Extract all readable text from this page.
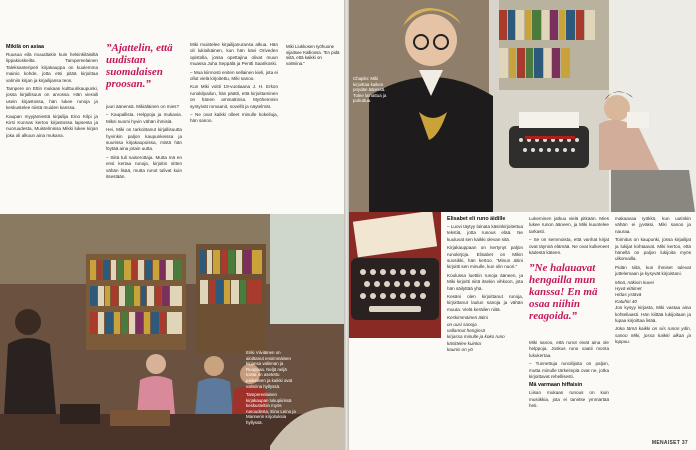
Mikilä on asiaa

Ruusua eilä muualtakin kuin helsinkiläisiltä lippakioskeilta. Tampereelainen Taleksanteriperi kirjakauppa on kuulemma mainio kohde, jotta etsi pitää kirjoittaa valmiin kirjan ja kirjailijansa teos.

Tampere on Ettin mukaan kulttuurikaupunki, jossa kirjallisuus on arvossa. Hän vieraili usein kirjastossa, hän lukee runoja ja keskustelee niistä muiden kanssa.

Kaupan myyjämiestä kirjailija Eino Kilpi ja Kirsi Kunnas kertoo kirjastossa lapsesta ja nuoruudesta, Muistelmissa Mikki lukee kirjan joka oli alkuun aina mukana.

”Ajattelin, että uudistan suomalaisen proosan.”

juuri äänensä. Mikiäläinen on mies?

– Kaupallista. Helppoja ja mukavia. Miksi suomi hyvin vähän ihmisiä.

Hei, Miki on tarkoittanut kirjallisuutta hyvinkin paljon kaupunkeissa ja suurissa kirjakaupoissa, mistä hän löytää aina jotain uutta.

– Siitä tuli naiserottaja. Mutta mä en ensi kertaa runoja, kirjoitin sitten vähän lisää, mutta runot tulivat kuin itsestään.

Miki muistelee kirjailijanuransa alkua. Hän oli lukioikäinen, kun hän kävi Oriveden opistolla, jossa opettajina olivat muun muassa Juha Seppälä ja Pentti Saarikoski.

– Mua kiinnosti eniten sellainen kieli, jota ei ollut vielä kirjoitettu, Miki sanoo.

Kun Miki voitti 19-vuotiaana J. H. Erkon runokilpailun, hän päätti, että kirjoittaminen on hänen ammattinsa. Myöhemmin syntyivät romaanit, novellit ja näytelmät.

– Ne ovat kaikki olleet minulle kokeiluja, hän sanoo.

Miki Liukkosen työhuone sijaitsee Kalliossa. ”En pidä siitä, että kaikki on valmiina.”
Eriki Viiviäinen on aloittanut ensimmäisen kirjansa valinnan ja Ruoppaa. Neljä neljä toista on asetettu paikalleen ja kaikki ovat valmiina hyllyssä.
Tampereelaisen kirjakaupan lukupiirissä keskusteltiin myös runoudesta, Eino Leino ja Mannerin kirjoituksia hyllyssä.
Chaplin: Miki kirjoittaa kaiken pöydän ääressä. Tulee lainattua ja puhuttua.
Elisabet eli runo äidille

– Luovi täytyy lainata käsinkirjoitettua tekstiä, jotta runous elää. Ne kuuluvat sen kaikki olevan sitä.

Kirjakauppaan on kertynyt paljon runokirjoja. Elisabet on Mikin suosikki, hän kertoo. ”Minun äitini kirjoitti sen minulle, kun olin nuori.”

Koulussa luettiin runoja ääneen, ja Miki kirjoitti niitä itsekin vihkoon, jota hän säilyttää yhä.

Kesäni olen kirjoittanut runoja, kirjoittanut laulun sanoja ja vähän muuta. Vielä keräilen niitä.

Keskimmäinen äitini
on uusi sanoja
vallannut hengissä
kirjassa minulle ja koko runo
käsittelee kuinka
kaunis on yö

Lukeminen jatkuu vielä pitkään. Mies lukee runon ääneen, ja Miki kuuntelee tarkasti.

– Se on semmoista, että vanhat kirjat ovat täynnä elämää. Ne ovat kulkeneet kädestä käteen.

”Ne halauavat hengailla mun kanssa! En mä osaa niihin reagoida.”

Miki sanoo, että runot eivät aina ole helppoja. Joskus runo vaatii monta lukukertaa.

– Tunnettuja runoilijoita on paljon, mutta minulle tärkeimpiä ovat ne, jotka kirjoittavat rehellisesti.

Mä varmaan hiffaisin

Liisan mukaan runous on kuin musiikkia, jota ei tarvitse ymmärtää heti.

makaavaa ryökkö, kun uutinkin vähän ei jyväksi, Miki sanoo ja nauraa.

Toimitus on kaupunki, jossa kirjailijat ja lukijat kohtaavat. Miki kertoo, että hänellä on paljon lukijoita myös ulkomailla.

Pidän siitä, kun ihmiset tulevat juttelemaan ja kysyvät kirjoistani.

Minä, näkisin kuvei
Hyvä eläimet
Hidas ystävä
Katuhiri 40

Jos kysyy kirjasta, Miki vastaa aina kohteliaasti. Hän kiittää lukijoitaan ja lupaa kirjoittaa lisää.

Joka tämä kaikki on siis runon ydin, sanoo Miki, jossa kaikki alkaa ja loppuu.

MENAISET 37
